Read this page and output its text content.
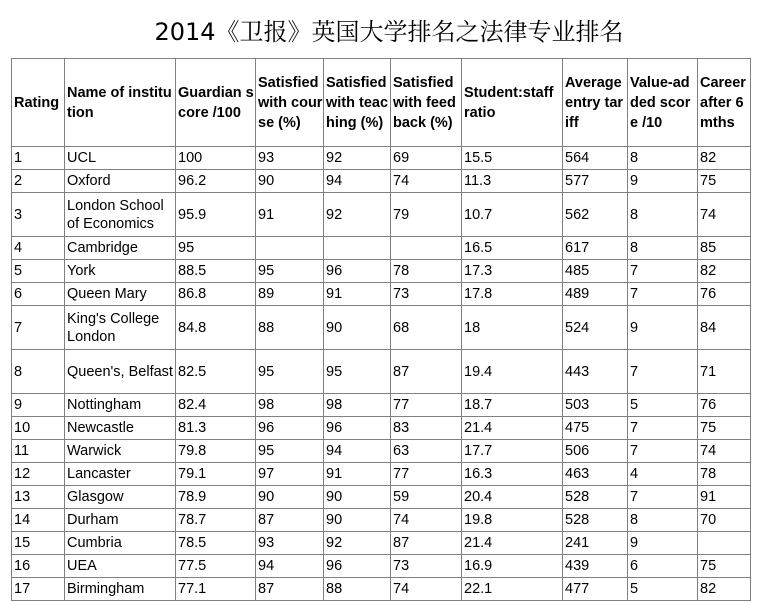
2014《卫报》英国大学排名之法律专业排名
Rating	Name of institution	Guardian score /100	Satisfied with course (%)	Satisfied with teaching (%)	Satisfied with feedback (%)	Student:staff ratio	Average entry tariff	Value-added score /10	Career after 6 mths
1	UCL	100	93	92	69	15.5	564	8	82
2	Oxford	96.2	90	94	74	11.3	577	9	75
3	London School of Economics	95.9	91	92	79	10.7	562	8	74
4	Cambridge	95				16.5	617	8	85
5	York	88.5	95	96	78	17.3	485	7	82
6	Queen Mary	86.8	89	91	73	17.8	489	7	76
7	King's College London	84.8	88	90	68	18	524	9	84
8	Queen's, Belfast	82.5	95	95	87	19.4	443	7	71
9	Nottingham	82.4	98	98	77	18.7	503	5	76
10	Newcastle	81.3	96	96	83	21.4	475	7	75
11	Warwick	79.8	95	94	63	17.7	506	7	74
12	Lancaster	79.1	97	91	77	16.3	463	4	78
13	Glasgow	78.9	90	90	59	20.4	528	7	91
14	Durham	78.7	87	90	74	19.8	528	8	70
15	Cumbria	78.5	93	92	87	21.4	241	9	
16	UEA	77.5	94	96	73	16.9	439	6	75
17	Birmingham	77.1	87	88	74	22.1	477	5	82
